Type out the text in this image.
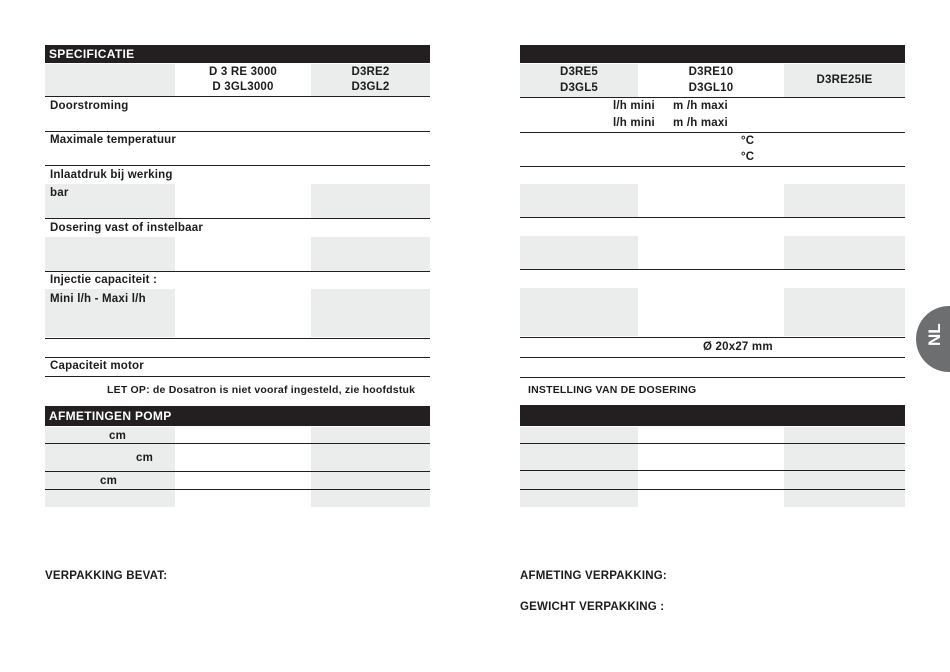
SPECIFICATIE
D 3 RE 3000
D 3GL3000
D3RE2
D3GL2
Doorstroming
Maximale temperatuur
Inlaatdruk bij werking
bar
Dosering vast of instelbaar
Injectie capaciteit :
Mini l/h - Maxi l/h
Capaciteit motor
LET OP: de Dosatron is niet vooraf ingesteld, zie hoofdstuk
AFMETINGEN POMP
cm
cm
cm
VERPAKKING BEVAT:
D3RE5
D3GL5
D3RE10
D3GL10
D3RE25IE
l/h mini m /h maxi
l/h mini m /h maxi
°C
°C
Ø 20x27 mm
INSTELLING VAN DE DOSERING
AFMETING VERPAKKING:
GEWICHT VERPAKKING :
NL
